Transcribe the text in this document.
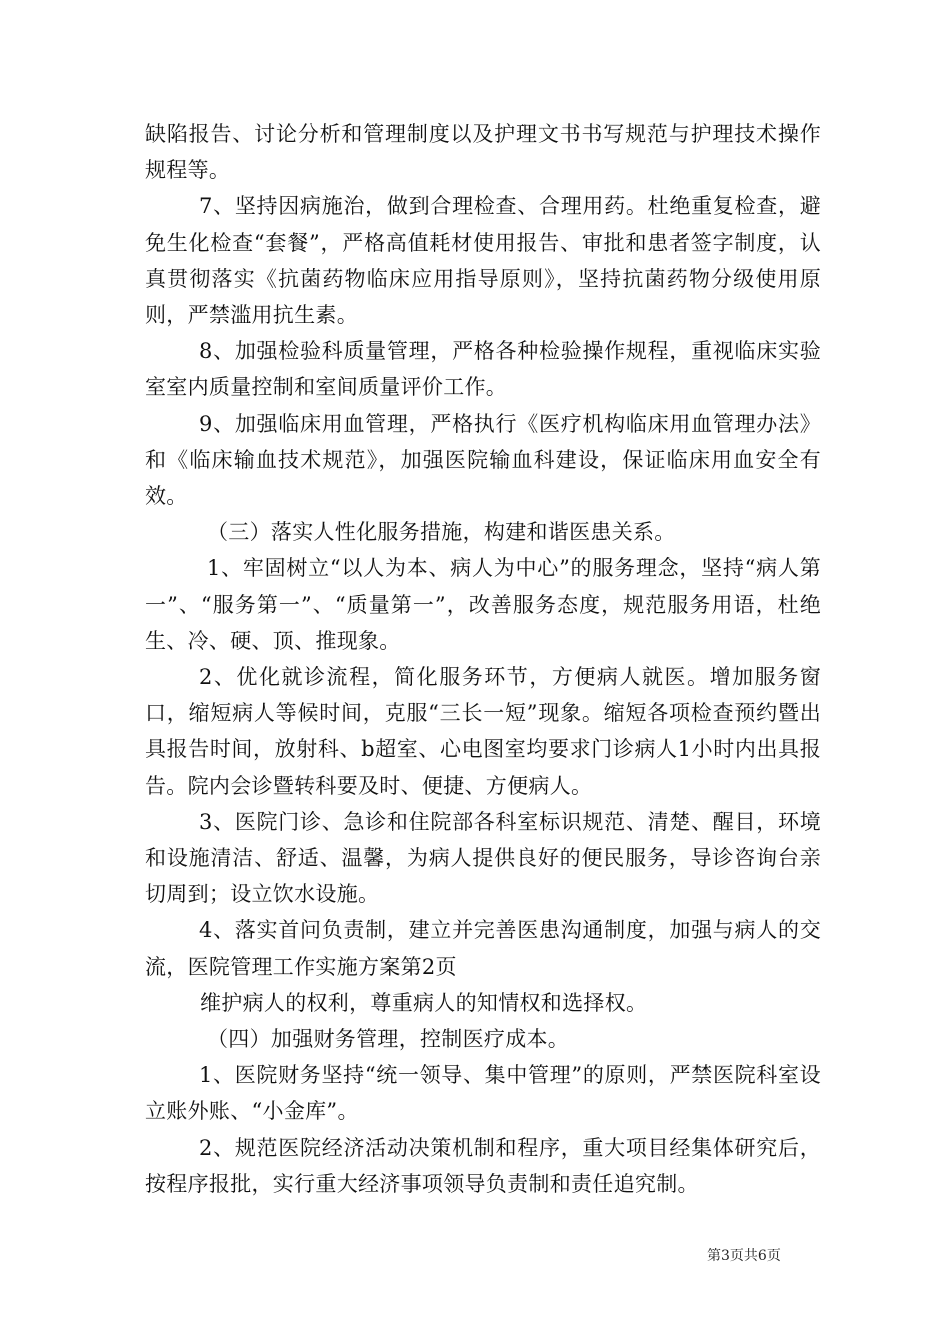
缺陷报告、讨论分析和管理制度以及护理文书书写规范与护理技术操作规程等。

7、坚持因病施治，做到合理检查、合理用药。杜绝重复检查，避免生化检查“套餐”，严格高值耗材使用报告、审批和患者签字制度，认真贯彻落实《抗菌药物临床应用指导原则》，坚持抗菌药物分级使用原则，严禁滥用抗生素。

8、加强检验科质量管理，严格各种检验操作规程，重视临床实验室室内质量控制和室间质量评价工作。

9、加强临床用血管理，严格执行《医疗机构临床用血管理办法》和《临床输血技术规范》，加强医院输血科建设，保证临床用血安全有效。

（三）落实人性化服务措施，构建和谐医患关系。

1、牢固树立“以人为本、病人为中心”的服务理念，坚持“病人第一”、“服务第一”、“质量第一”，改善服务态度，规范服务用语，杜绝生、冷、硬、顶、推现象。

2、优化就诊流程，简化服务环节，方便病人就医。增加服务窗口，缩短病人等候时间，克服“三长一短”现象。缩短各项检查预约暨出具报告时间，放射科、b超室、心电图室均要求门诊病人1小时内出具报告。院内会诊暨转科要及时、便捷、方便病人。

3、医院门诊、急诊和住院部各科室标识规范、清楚、醒目，环境和设施清洁、舒适、温馨，为病人提供良好的便民服务，导诊咨询台亲切周到；设立饮水设施。

4、落实首问负责制，建立并完善医患沟通制度，加强与病人的交流，医院管理工作实施方案第2页

维护病人的权利，尊重病人的知情权和选择权。

（四）加强财务管理，控制医疗成本。

1、医院财务坚持“统一领导、集中管理”的原则，严禁医院科室设立账外账、“小金库”。

2、规范医院经济活动决策机制和程序，重大项目经集体研究后，按程序报批，实行重大经济事项领导负责制和责任追究制。

第3页共6页
